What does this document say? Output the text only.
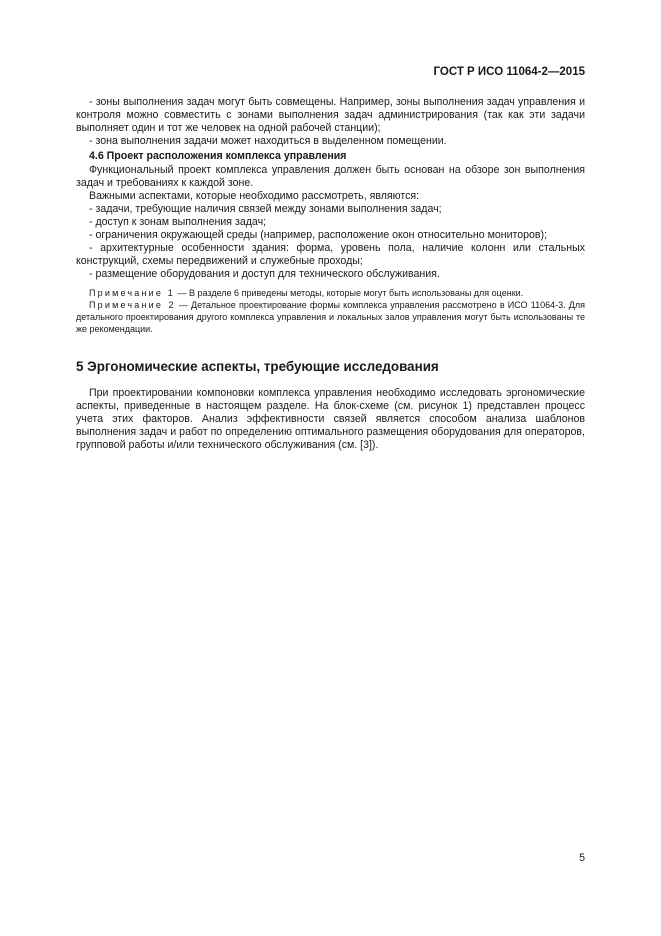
ГОСТ Р ИСО 11064-2—2015

- зоны выполнения задач могут быть совмещены. Например, зоны выполнения задач управления и контроля можно совместить с зонами выполнения задач администрирования (так как эти задачи выполняет один и тот же человек на одной рабочей станции);

- зона выполнения задачи может находиться в выделенном помещении.

4.6 Проект расположения комплекса управления

Функциональный проект комплекса управления должен быть основан на обзоре зон выполнения задач и требованиях к каждой зоне.

Важными аспектами, которые необходимо рассмотреть, являются:

- задачи, требующие наличия связей между зонами выполнения задач;

- доступ к зонам выполнения задач;

- ограничения окружающей среды (например, расположение окон относительно мониторов);

- архитектурные особенности здания: форма, уровень пола, наличие колонн или стальных конструкций, схемы передвижений и служебные проходы;

- размещение оборудования и доступ для технического обслуживания.

Примечание 1 — В разделе 6 приведены методы, которые могут быть использованы для оценки.

Примечание 2 — Детальное проектирование формы комплекса управления рассмотрено в ИСО 11064-3. Для детального проектирования другого комплекса управления и локальных залов управления могут быть использованы те же рекомендации.

5 Эргономические аспекты, требующие исследования

При проектировании компоновки комплекса управления необходимо исследовать эргономические аспекты, приведенные в настоящем разделе. На блок-схеме (см. рисунок 1) представлен процесс учета этих факторов. Анализ эффективности связей является способом анализа шаблонов выполнения задач и работ по определению оптимального размещения оборудования для операторов, групповой работы и/или технического обслуживания (см. [3]).

5
